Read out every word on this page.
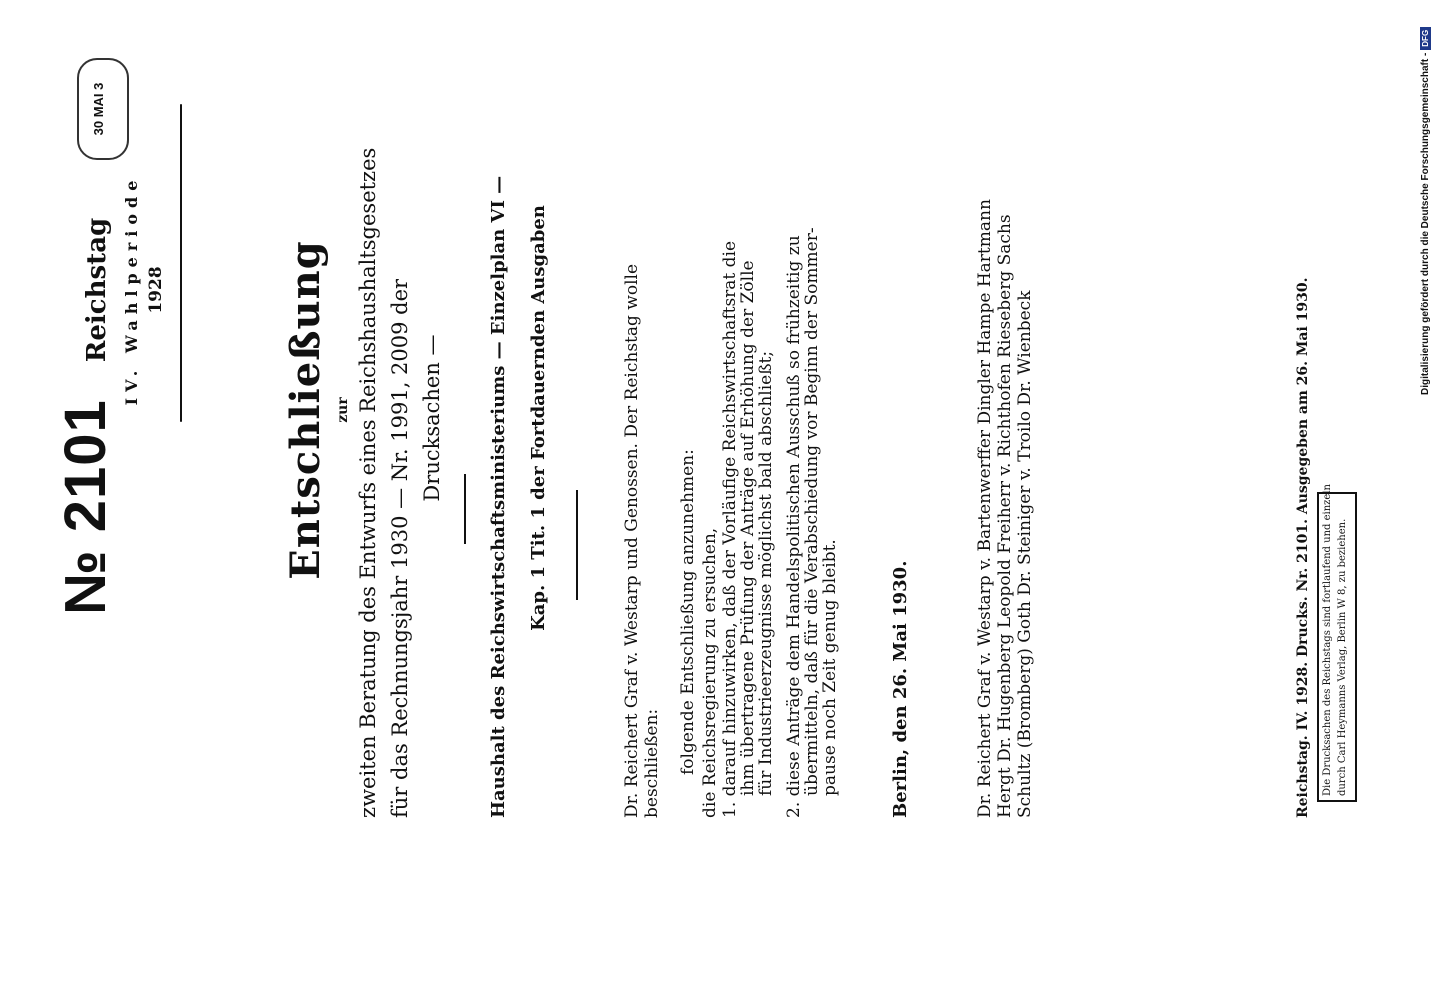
№ 2101
Reichstag IV. Wahlperiode 1928
30 MAI 3
Entschließung zur zweiten Beratung des Entwurfs eines Reichshaushaltsgesetzes für das Rechnungsjahr 1930 — Nr. 1991, 2009 der Drucksachen — Haushalt des Reichswirtschaftsministeriums — Einzelplan VI — Kap. 1 Tit. 1 der Fortdauernden Ausgaben	Dr. Reichert Graf v. Westarp und Genossen. Der Reichstag wolle beschließen: folgende Entschließung anzunehmen: die Reichsregierung zu ersuchen, 1. darauf hinzuwirken, daß der Vorläufige Reichswirtschaftsrat die
ihm übertragene Prüfung der Anträge auf Erhöhung der Zölle
für Industrieerzeugnisse möglichst bald abschließt; 2. diese Anträge dem Handelspolitischen Ausschuß so frühzeitig zu
übermitteln, daß für die Verabschiedung vor Beginn der Sommer-
pause noch Zeit genug bleibt.	Berlin, den 26. Mai 1930.	Dr. Reichert Graf v. Westarp v. Bartenwerffer Dingler Hampe Hartmann Hergt Dr. Hugenberg Leopold Freiherr v. Richthofen Rieseberg Sachs Schultz (Bromberg) Goth Dr. Steiniger v. Troilo Dr. Wienbeck	Reichstag. IV. 1928. Drucks. Nr. 2101. Ausgegeben am 26. Mai 1930. Die Drucksachen des Reichstags sind fortlaufend und einzeln durch Carl Heymanns Verlag, Berlin W 8, zu beziehen.
Digitalisierung gefördert durch die Deutsche Forschungsgemeinschaft -DFG
